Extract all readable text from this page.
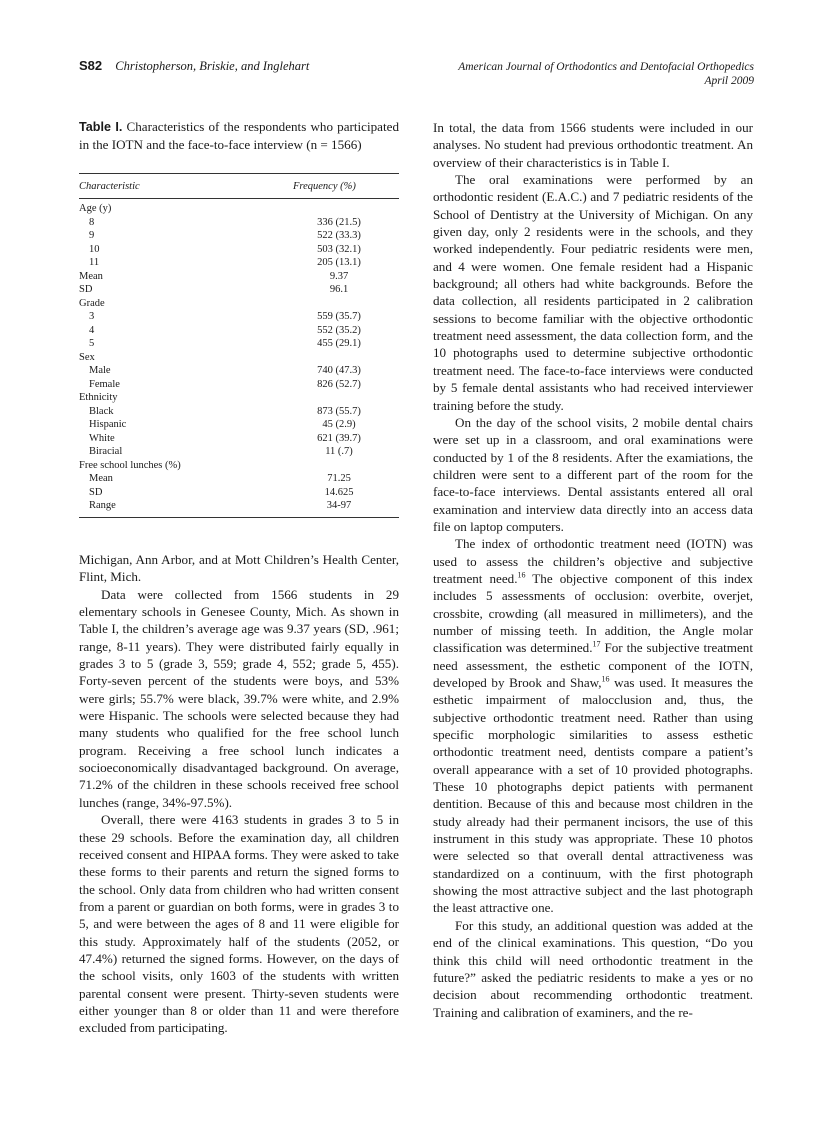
S82 Christopherson, Briskie, and Inglehart	American Journal of Orthodontics and Dentofacial Orthopedics
April 2009
Table I. Characteristics of the respondents who participated in the IOTN and the face-to-face interview (n = 1566)
Characteristic	Frequency (%)
Age (y)
8	336 (21.5)
9	522 (33.3)
10	503 (32.1)
11	205 (13.1)
Mean	9.37
SD	96.1
Grade
3	559 (35.7)
4	552 (35.2)
5	455 (29.1)
Sex
Male	740 (47.3)
Female	826 (52.7)
Ethnicity
Black	873 (55.7)
Hispanic	45 (2.9)
White	621 (39.7)
Biracial	11 (.7)
Free school lunches (%)
Mean	71.25
SD	14.625
Range	34-97

Michigan, Ann Arbor, and at Mott Children’s Health Center, Flint, Mich.

Data were collected from 1566 students in 29 elementary schools in Genesee County, Mich. As shown in Table I, the children’s average age was 9.37 years (SD, .961; range, 8-11 years). They were distributed fairly equally in grades 3 to 5 (grade 3, 559; grade 4, 552; grade 5, 455). Forty-seven percent of the students were boys, and 53% were girls; 55.7% were black, 39.7% were white, and 2.9% were Hispanic. The schools were selected because they had many students who qualified for the free school lunch program. Receiving a free school lunch indicates a socioeconomically disadvantaged background. On average, 71.2% of the children in these schools received free school lunches (range, 34%-97.5%).

Overall, there were 4163 students in grades 3 to 5 in these 29 schools. Before the examination day, all children received consent and HIPAA forms. They were asked to take these forms to their parents and return the signed forms to the school. Only data from children who had written consent from a parent or guardian on both forms, were in grades 3 to 5, and were between the ages of 8 and 11 were eligible for this study. Approximately half of the students (2052, or 47.4%) returned the signed forms. However, on the days of the school visits, only 1603 of the students with written parental consent were present. Thirty-seven students were either younger than 8 or older than 11 and were therefore excluded from participating.

In total, the data from 1566 students were included in our analyses. No student had previous orthodontic treatment. An overview of their characteristics is in Table I.

The oral examinations were performed by an orthodontic resident (E.A.C.) and 7 pediatric residents of the School of Dentistry at the University of Michigan. On any given day, only 2 residents were in the schools, and they worked independently. Four pediatric residents were men, and 4 were women. One female resident had a Hispanic background; all others had white backgrounds. Before the data collection, all residents participated in 2 calibration sessions to become familiar with the objective orthodontic treatment need assessment, the data collection form, and the 10 photographs used to determine subjective orthodontic treatment need. The face-to-face interviews were conducted by 5 female dental assistants who had received interviewer training before the study.

On the day of the school visits, 2 mobile dental chairs were set up in a classroom, and oral examinations were conducted by 1 of the 8 residents. After the examiations, the children were sent to a different part of the room for the face-to-face interviews. Dental assistants entered all oral examination and interview data directly into an access data file on laptop computers.

The index of orthodontic treatment need (IOTN) was used to assess the children’s objective and subjective treatment need.$^{16}$ The objective component of this index includes 5 assessments of occlusion: overbite, overjet, crossbite, crowding (all measured in millimeters), and the number of missing teeth. In addition, the Angle molar classification was determined.$^{17}$ For the subjective treatment need assessment, the esthetic component of the IOTN, developed by Brook and Shaw,$^{16}$ was used. It measures the esthetic impairment of malocclusion and, thus, the subjective orthodontic treatment need. Rather than using specific morphologic similarities to assess esthetic orthodontic treatment need, dentists compare a patient’s overall appearance with a set of 10 provided photographs. These 10 photographs depict patients with permanent dentition. Because of this and because most children in the study already had their permanent incisors, the use of this instrument in this study was appropriate. These 10 photos were selected so that overall dental attractiveness was standardized on a continuum, with the first photograph showing the most attractive subject and the last photograph the least attractive one.

For this study, an additional question was added at the end of the clinical examinations. This question, “Do you think this child will need orthodontic treatment in the future?” asked the pediatric residents to make a yes or no decision about recommending orthodontic treatment. Training and calibration of examiners, and the re-
